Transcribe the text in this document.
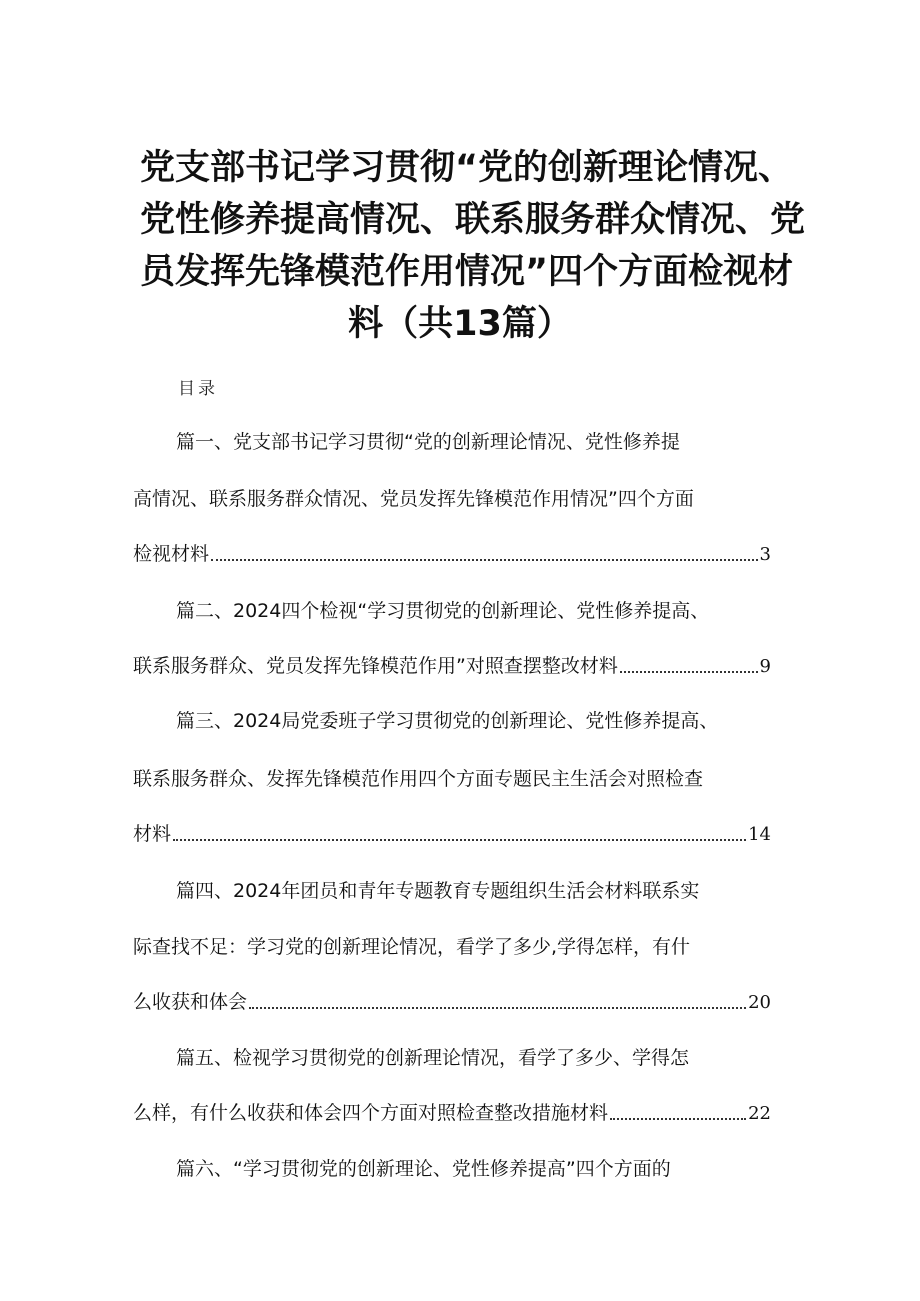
党支部书记学习贯彻“党的创新理论情况、
党性修养提高情况、联系服务群众情况、党
员发挥先锋模范作用情况”四个方面检视材
料（共13篇）
目录
篇一、党支部书记学习贯彻“党的创新理论情况、党性修养提
高情况、联系服务群众情况、党员发挥先锋模范作用情况”四个方面
检视材料	3
篇二、2024四个检视“学习贯彻党的创新理论、党性修养提高、
联系服务群众、党员发挥先锋模范作用”对照查摆整改材料	9
篇三、2024局党委班子学习贯彻党的创新理论、党性修养提高、
联系服务群众、发挥先锋模范作用四个方面专题民主生活会对照检查
材料	14
篇四、2024年团员和青年专题教育专题组织生活会材料联系实
际查找不足：学习党的创新理论情况，看学了多少,学得怎样，有什
么收获和体会	20
篇五、检视学习贯彻党的创新理论情况，看学了多少、学得怎
么样，有什么收获和体会四个方面对照检查整改措施材料	22
篇六、“学习贯彻党的创新理论、党性修养提高”四个方面的
